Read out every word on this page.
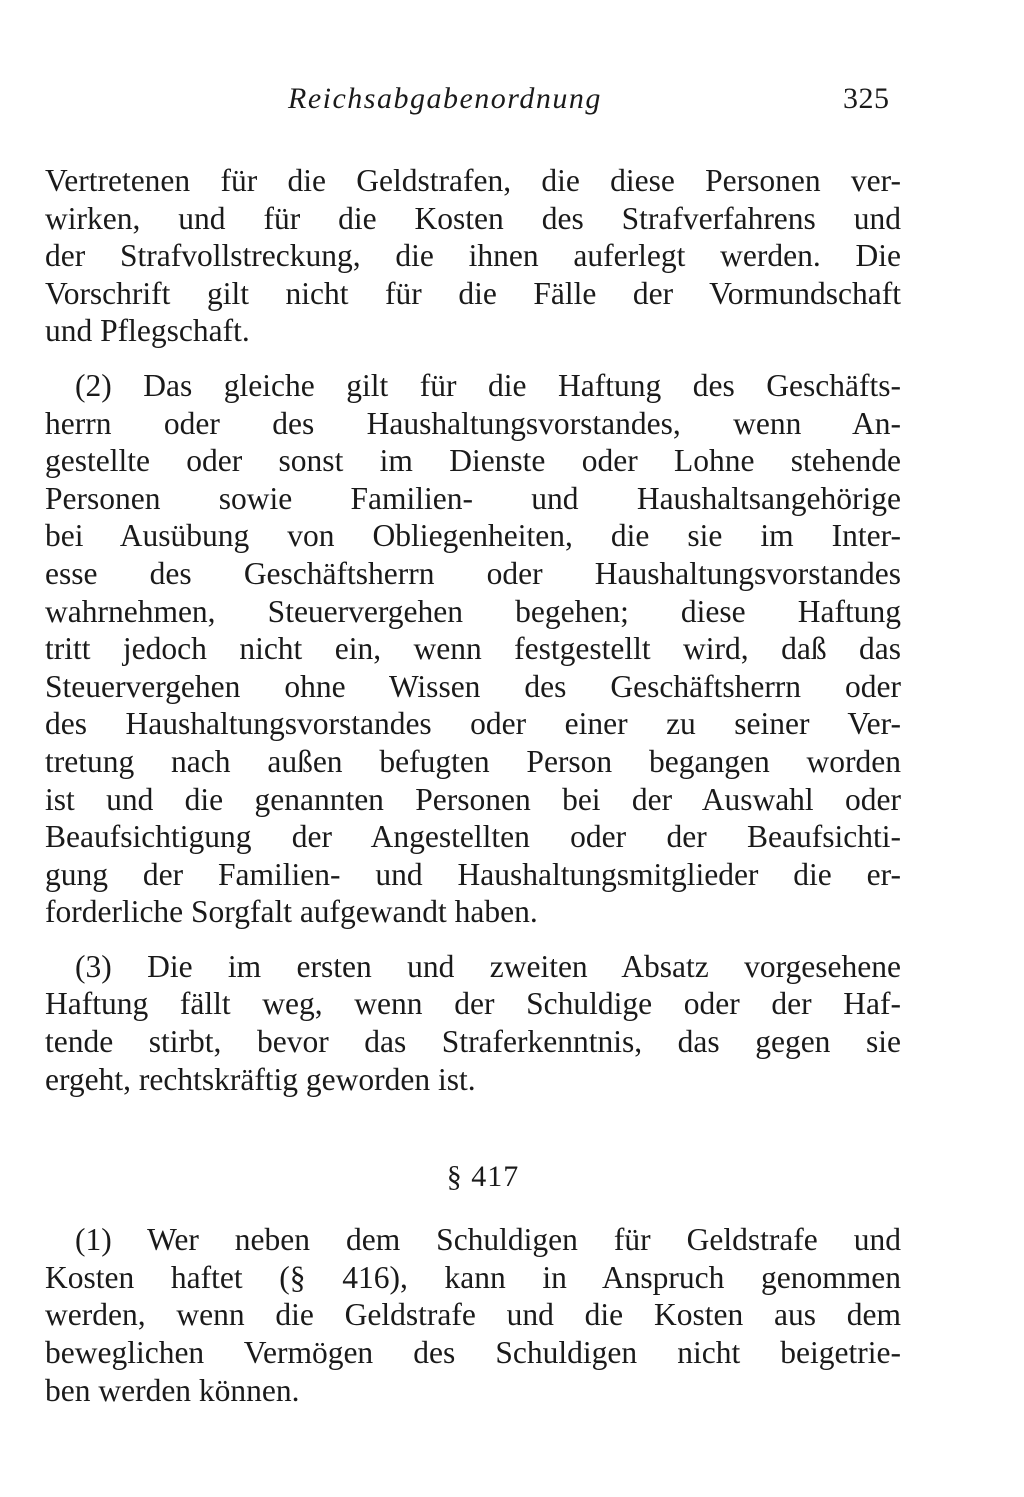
Reichsabgabenordnung	325
Vertretenen für die Geldstrafen, die diese Personen ver-
wirken, und für die Kosten des Strafverfahrens und
der Strafvollstreckung, die ihnen auferlegt werden. Die
Vorschrift gilt nicht für die Fälle der Vormundschaft
und Pflegschaft.
(2) Das gleiche gilt für die Haftung des Geschäfts-
herrn oder des Haushaltungsvorstandes, wenn An-
gestellte oder sonst im Dienste oder Lohne stehende
Personen sowie Familien- und Haushaltsangehörige
bei Ausübung von Obliegenheiten, die sie im Inter-
esse des Geschäftsherrn oder Haushaltungsvorstandes
wahrnehmen, Steuervergehen begehen; diese Haftung
tritt jedoch nicht ein, wenn festgestellt wird, daß das
Steuervergehen ohne Wissen des Geschäftsherrn oder
des Haushaltungsvorstandes oder einer zu seiner Ver-
tretung nach außen befugten Person begangen worden
ist und die genannten Personen bei der Auswahl oder
Beaufsichtigung der Angestellten oder der Beaufsichti-
gung der Familien- und Haushaltungsmitglieder die er-
forderliche Sorgfalt aufgewandt haben.
(3) Die im ersten und zweiten Absatz vorgesehene
Haftung fällt weg, wenn der Schuldige oder der Haf-
tende stirbt, bevor das Straferkenntnis, das gegen sie
ergeht, rechtskräftig geworden ist.
§ 417
(1) Wer neben dem Schuldigen für Geldstrafe und
Kosten haftet (§ 416), kann in Anspruch genommen
werden, wenn die Geldstrafe und die Kosten aus dem
beweglichen Vermögen des Schuldigen nicht beigetrie-
ben werden können.
